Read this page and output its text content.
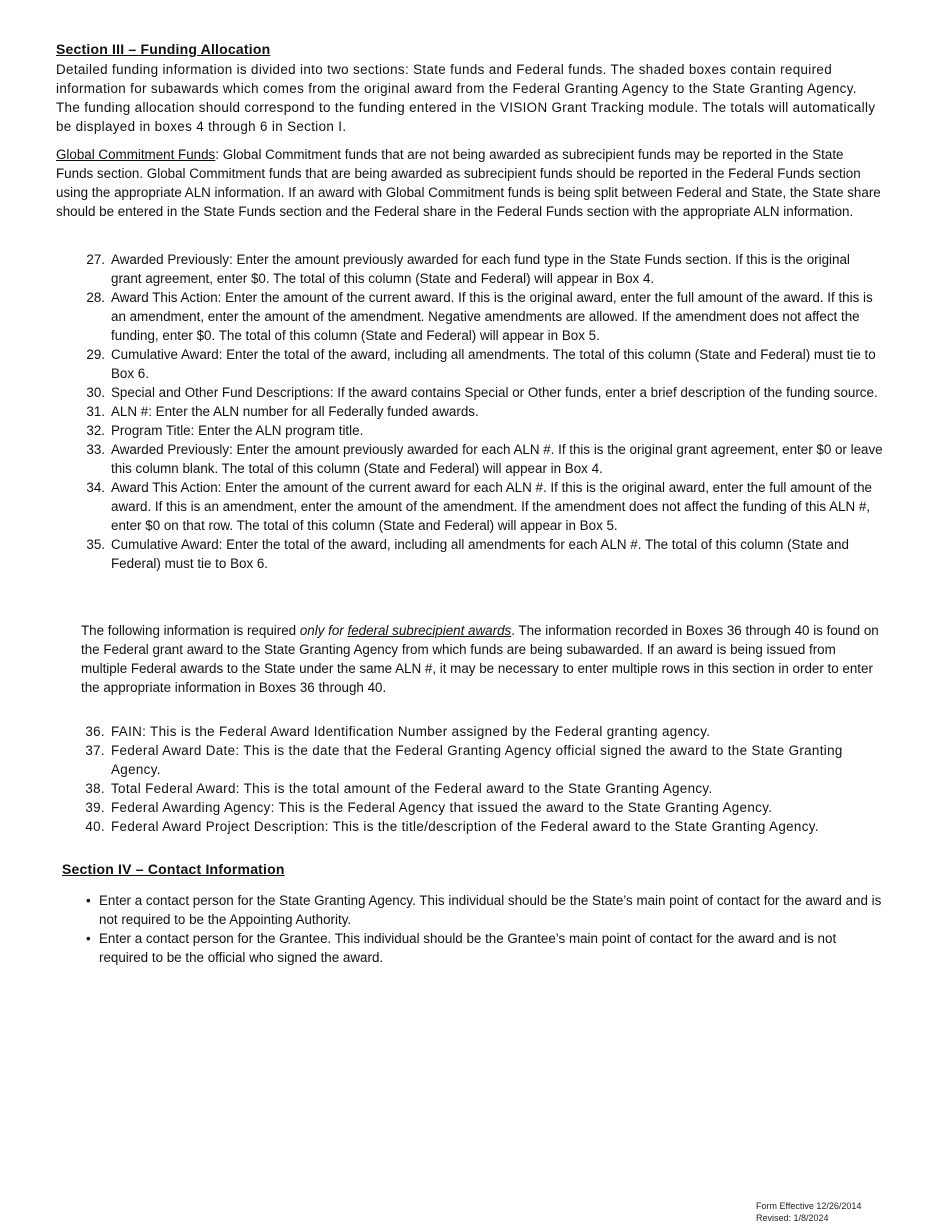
Section III – Funding Allocation

Detailed funding information is divided into two sections: State funds and Federal funds. The shaded boxes contain required information for subawards which comes from the original award from the Federal Granting Agency to the State Granting Agency. The funding allocation should correspond to the funding entered in the VISION Grant Tracking module. The totals will automatically be displayed in boxes 4 through 6 in Section I.

Global Commitment Funds: Global Commitment funds that are not being awarded as subrecipient funds may be reported in the State Funds section. Global Commitment funds that are being awarded as subrecipient funds should be reported in the Federal Funds section using the appropriate ALN information. If an award with Global Commitment funds is being split between Federal and State, the State share should be entered in the State Funds section and the Federal share in the Federal Funds section with the appropriate ALN information.

27. Awarded Previously: Enter the amount previously awarded for each fund type in the State Funds section. If this is the original grant agreement, enter $0. The total of this column (State and Federal) will appear in Box 4.
28. Award This Action: Enter the amount of the current award. If this is the original award, enter the full amount of the award. If this is an amendment, enter the amount of the amendment. Negative amendments are allowed. If the amendment does not affect the funding, enter $0. The total of this column (State and Federal) will appear in Box 5.
29. Cumulative Award: Enter the total of the award, including all amendments. The total of this column (State and Federal) must tie to Box 6.
30. Special and Other Fund Descriptions: If the award contains Special or Other funds, enter a brief description of the funding source.
31. ALN #: Enter the ALN number for all Federally funded awards.
32. Program Title: Enter the ALN program title.
33. Awarded Previously: Enter the amount previously awarded for each ALN #. If this is the original grant agreement, enter $0 or leave this column blank. The total of this column (State and Federal) will appear in Box 4.
34. Award This Action: Enter the amount of the current award for each ALN #. If this is the original award, enter the full amount of the award. If this is an amendment, enter the amount of the amendment. If the amendment does not affect the funding of this ALN #, enter $0 on that row. The total of this column (State and Federal) will appear in Box 5.
35. Cumulative Award: Enter the total of the award, including all amendments for each ALN #. The total of this column (State and Federal) must tie to Box 6.

The following information is required only for federal subrecipient awards. The information recorded in Boxes 36 through 40 is found on the Federal grant award to the State Granting Agency from which funds are being subawarded. If an award is being issued from multiple Federal awards to the State under the same ALN #, it may be necessary to enter multiple rows in this section in order to enter the appropriate information in Boxes 36 through 40.

36. FAIN: This is the Federal Award Identification Number assigned by the Federal granting agency.
37. Federal Award Date: This is the date that the Federal Granting Agency official signed the award to the State Granting Agency.
38. Total Federal Award: This is the total amount of the Federal award to the State Granting Agency.
39. Federal Awarding Agency: This is the Federal Agency that issued the award to the State Granting Agency.
40. Federal Award Project Description: This is the title/description of the Federal award to the State Granting Agency.
Section IV – Contact Information
• Enter a contact person for the State Granting Agency. This individual should be the State’s main point of contact for the award and is not required to be the Appointing Authority.
• Enter a contact person for the Grantee. This individual should be the Grantee’s main point of contact for the award and is not required to be the official who signed the award.
Form Effective 12/26/2014
Revised: 1/8/2024
